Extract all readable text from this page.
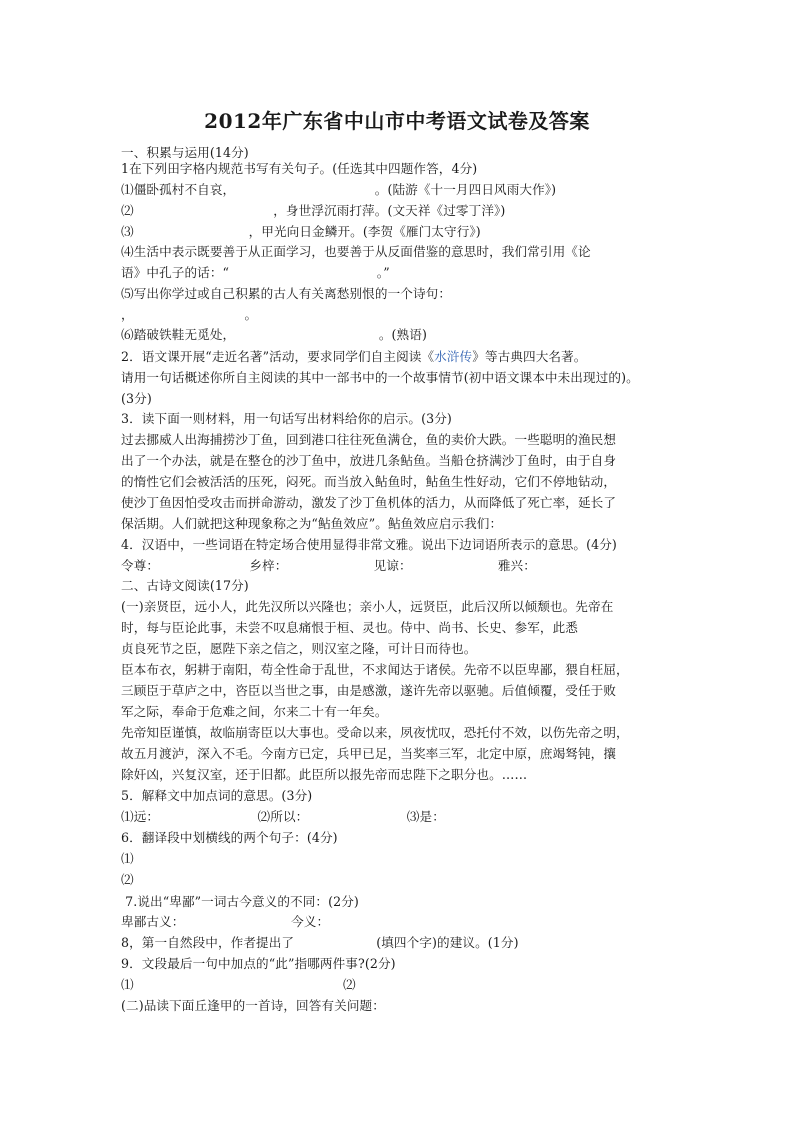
2012年广东省中山市中考语文试卷及答案
一、积累与运用(14分)
1在下列田字格内规范书写有关句子。(任选其中四题作答，4分)
⑴僵卧孤村不自哀，                                  。(陆游《十一月四日风雨大作》)
⑵                                  ，身世浮沉雨打萍。(文天祥《过零丁洋》)
⑶                            ，甲光向日金鳞开。(李贺《雁门太守行》)
⑷生活中表示既要善于从正面学习，也要善于从反面借鉴的意思时，我们常引用《论
语》中孔子的话：“                                    。”
⑸写出你学过或自己积累的古人有关离愁别恨的一个诗句：
，                           。
⑹踏破铁鞋无觅处，                                   。(熟语)
2．语文课开展“走近名著”活动，要求同学们自主阅读《水浒传》等古典四大名著。
请用一句话概述你所自主阅读的其中一部书中的一个故事情节(初中语文课本中未出现过的)。
(3分)
3．读下面一则材料，用一句话写出材料给你的启示。(3分)
过去挪威人出海捕捞沙丁鱼，回到港口往往死鱼满仓，鱼的卖价大跌。一些聪明的渔民想
出了一个办法，就是在整仓的沙丁鱼中，放进几条鲇鱼。当船仓挤满沙丁鱼时，由于自身
的惰性它们会被活活的压死，闷死。而当放入鲇鱼时，鲇鱼生性好动，它们不停地钻动，
使沙丁鱼因怕受攻击而拼命游动，激发了沙丁鱼机体的活力，从而降低了死亡率，延长了
保活期。人们就把这种现象称之为“鲇鱼效应”。鲇鱼效应启示我们：
4．汉语中，一些词语在特定场合使用显得非常文雅。说出下边词语所表示的意思。(4分)
令尊：                      乡梓：                     见谅：                     雅兴：
二、古诗文阅读(17分)
(一)亲贤臣，远小人，此先汉所以兴隆也；亲小人，远贤臣，此后汉所以倾颓也。先帝在
时，每与臣论此事，未尝不叹息痛恨于桓、灵也。侍中、尚书、长史、参军，此悉
贞良死节之臣，愿陛下亲之信之，则汉室之隆，可计日而待也。
臣本布衣，躬耕于南阳，苟全性命于乱世，不求闻达于诸侯。先帝不以臣卑鄙，猥自枉屈，
三顾臣于草庐之中，咨臣以当世之事，由是感激，遂许先帝以驱驰。后值倾覆，受任于败
军之际，奉命于危难之间，尔来二十有一年矣。
先帝知臣谨慎，故临崩寄臣以大事也。受命以来，夙夜忧叹，恐托付不效，以伤先帝之明，
故五月渡泸，深入不毛。今南方已定，兵甲已足，当奖率三军，北定中原，庶竭驽钝，攘
除奸凶，兴复汉室，还于旧都。此臣所以报先帝而忠陛下之职分也。……
5．解释文中加点词的意思。(3分)
⑴远：                        ⑵所以：                        ⑶是：
6．翻译段中划横线的两个句子：(4分)
⑴
⑵
7.说出“卑鄙”一词古今意义的不同：(2分)
卑鄙古义：                          今义：
8，第一自然段中，作者提出了                    (填四个字)的建议。(1分)
9．文段最后一句中加点的“此”指哪两件事?(2分)
⑴                                                   ⑵
(二)品读下面丘逢甲的一首诗，回答有关问题：
